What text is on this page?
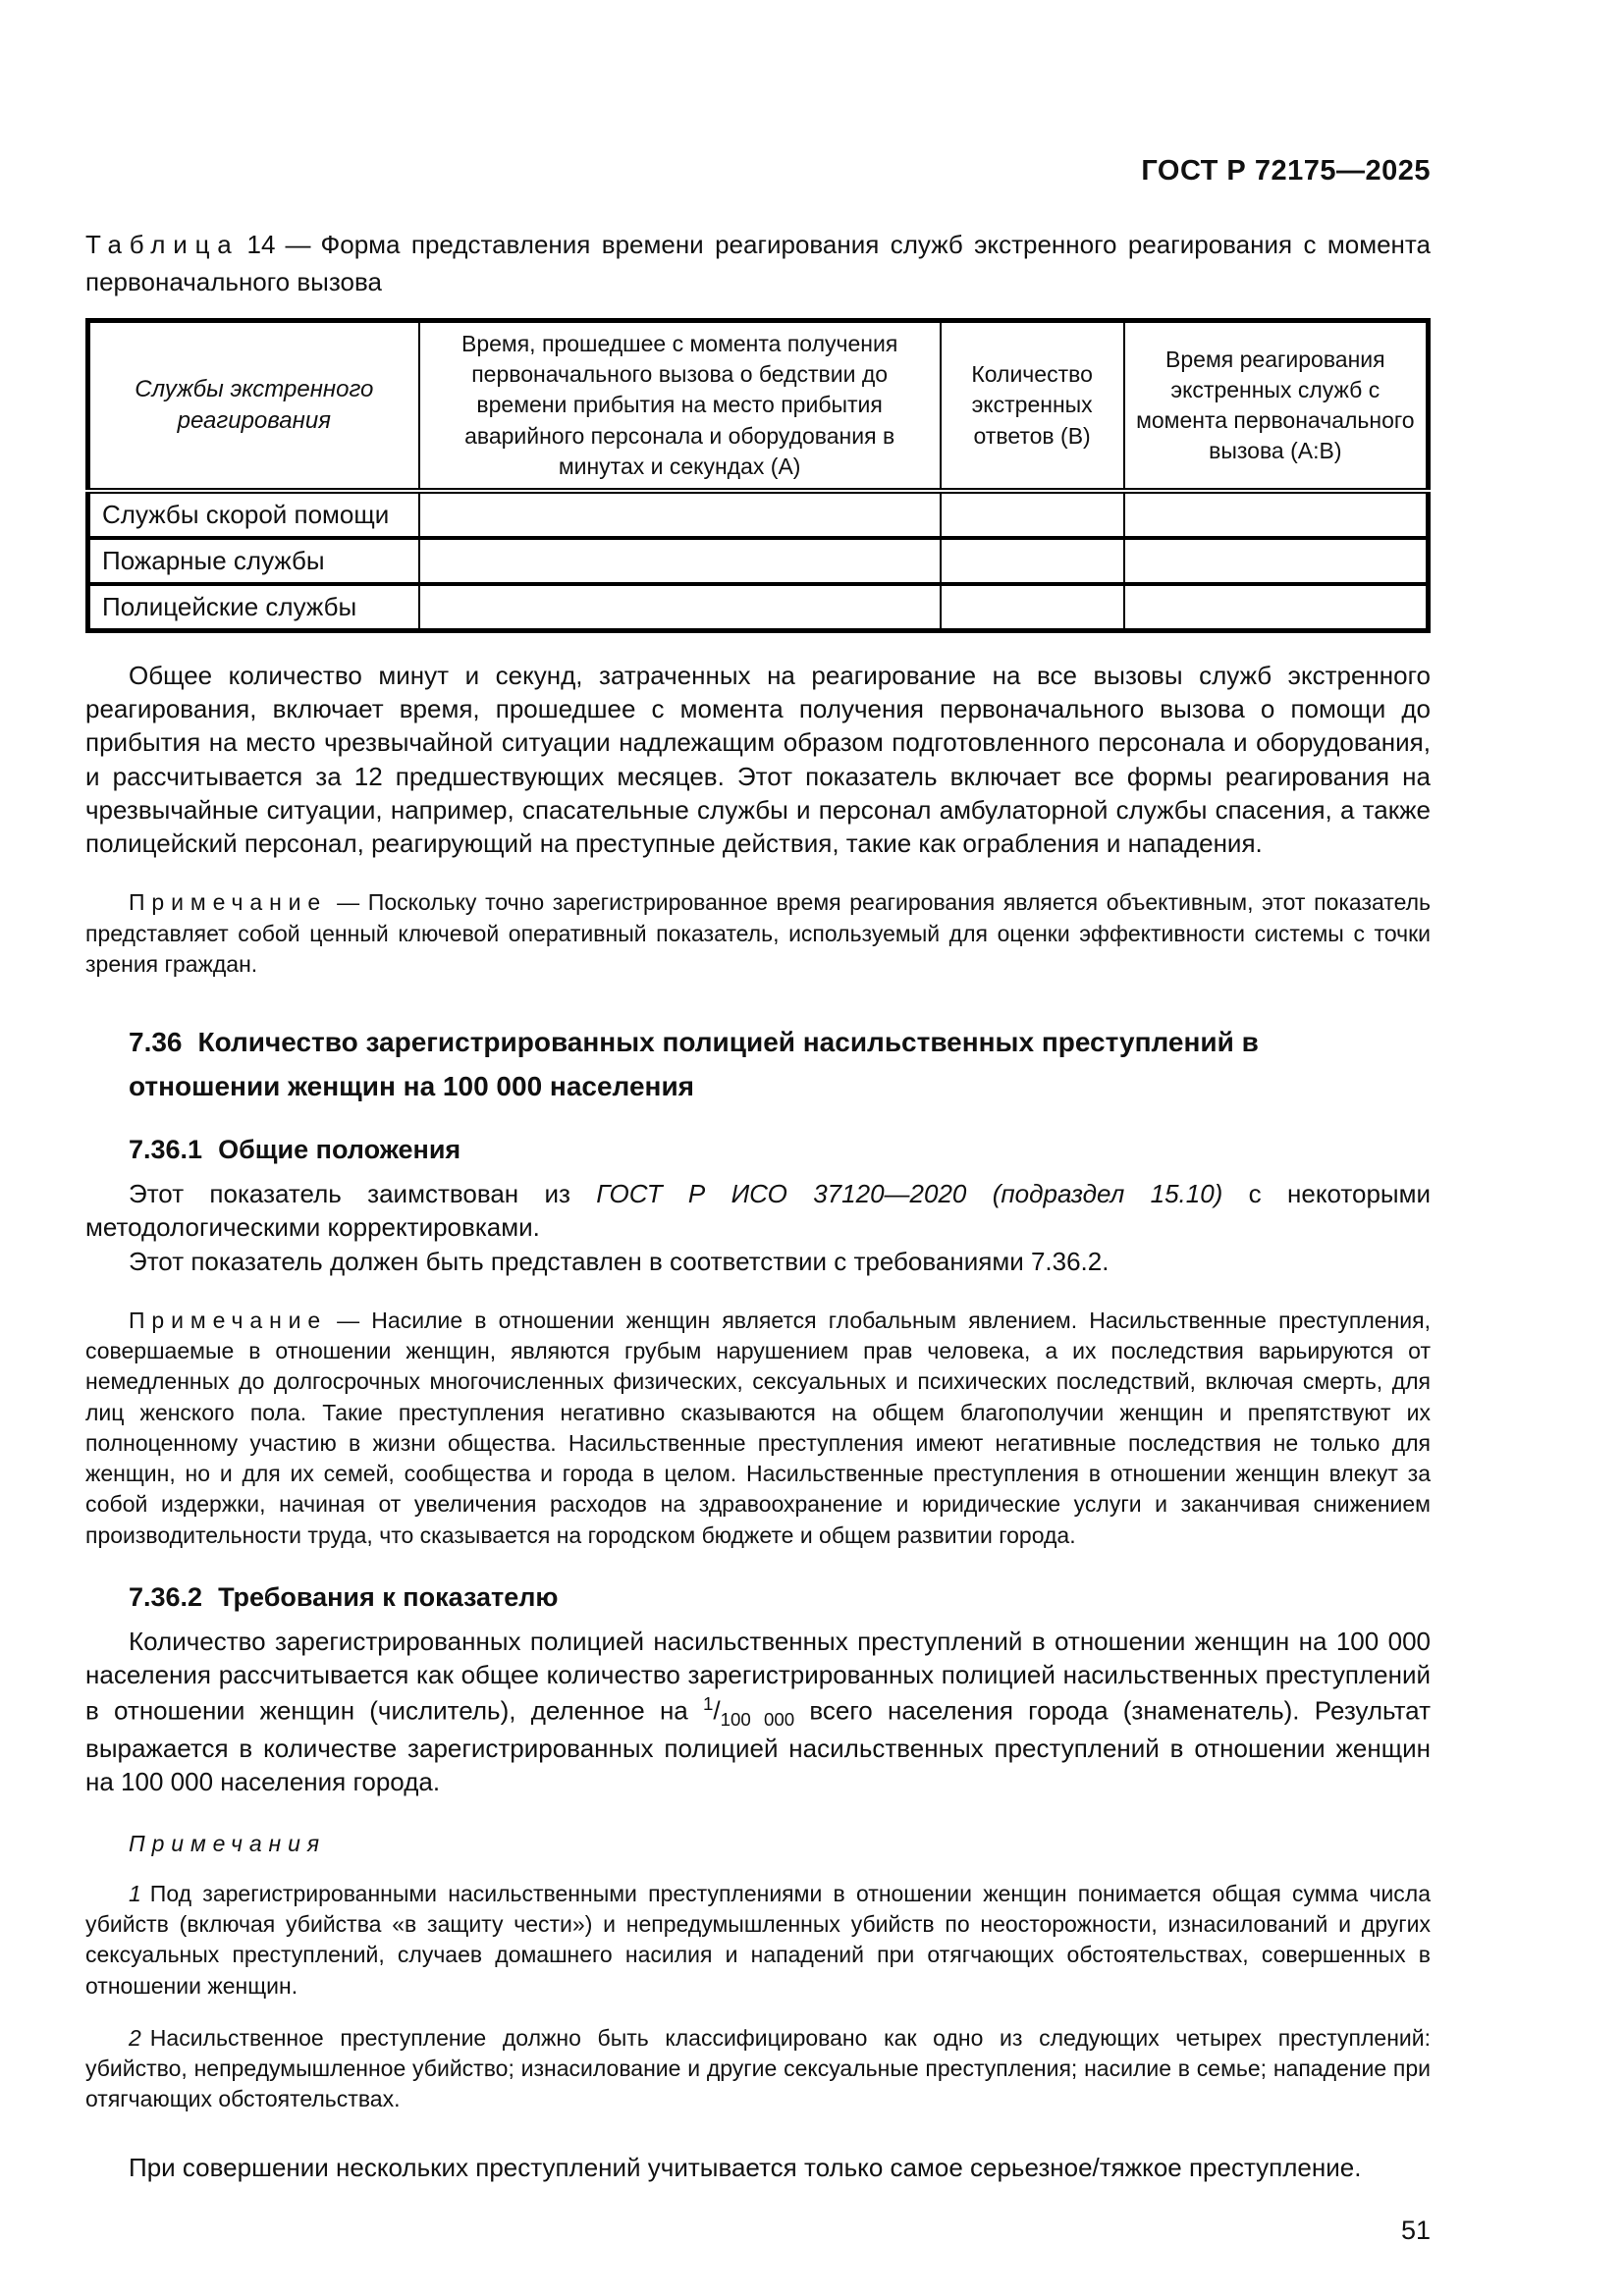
ГОСТ Р 72175—2025

Таблица 14 — Форма представления времени реагирования служб экстренного реагирования с момента первоначального вызова

Службы экстренного реагирования	Время, прошедшее с момента получения первоначального вызова о бедствии до времени прибытия на место прибытия аварийного персонала и оборудования в минутах и секундах (А)	Количество экстренных ответов (В)	Время реагирования экстренных служб с момента первоначального вызова (А:В)
Службы скорой помощи			
Пожарные службы			
Полицейские службы			

Общее количество минут и секунд, затраченных на реагирование на все вызовы служб экстренного реагирования, включает время, прошедшее с момента получения первоначального вызова о помощи до прибытия на место чрезвычайной ситуации надлежащим образом подготовленного персонала и оборудования, и рассчитывается за 12 предшествующих месяцев. Этот показатель включает все формы реагирования на чрезвычайные ситуации, например, спасательные службы и персонал амбулаторной службы спасения, а также полицейский персонал, реагирующий на преступные действия, такие как ограбления и нападения.

Примечание — Поскольку точно зарегистрированное время реагирования является объективным, этот показатель представляет собой ценный ключевой оперативный показатель, используемый для оценки эффективности системы с точки зрения граждан.

7.36 Количество зарегистрированных полицией насильственных преступлений в отношении женщин на 100 000 населения
7.36.1 Общие положения

Этот показатель заимствован из ГОСТ Р ИСО 37120—2020 (подраздел 15.10) с некоторыми методологическими корректировками.

Этот показатель должен быть представлен в соответствии с требованиями 7.36.2.

Примечание — Насилие в отношении женщин является глобальным явлением. Насильственные преступления, совершаемые в отношении женщин, являются грубым нарушением прав человека, а их последствия варьируются от немедленных до долгосрочных многочисленных физических, сексуальных и психических последствий, включая смерть, для лиц женского пола. Такие преступления негативно сказываются на общем благополучии женщин и препятствуют их полноценному участию в жизни общества. Насильственные преступления имеют негативные последствия не только для женщин, но и для их семей, сообщества и города в целом. Насильственные преступления в отношении женщин влекут за собой издержки, начиная от увеличения расходов на здравоохранение и юридические услуги и заканчивая снижением производительности труда, что сказывается на городском бюджете и общем развитии города.

7.36.2 Требования к показателю

Количество зарегистрированных полицией насильственных преступлений в отношении женщин на 100 000 населения рассчитывается как общее количество зарегистрированных полицией насильственных преступлений в отношении женщин (числитель), деленное на $^1/_{100 000}$ всего населения города (знаменатель). Результат выражается в количестве зарегистрированных полицией насильственных преступлений в отношении женщин на 100 000 населения города.

Примечания

1 Под зарегистрированными насильственными преступлениями в отношении женщин понимается общая сумма числа убийств (включая убийства «в защиту чести») и непредумышленных убийств по неосторожности, изнасилований и других сексуальных преступлений, случаев домашнего насилия и нападений при отягчающих обстоятельствах, совершенных в отношении женщин.

2 Насильственное преступление должно быть классифицировано как одно из следующих четырех преступлений: убийство, непредумышленное убийство; изнасилование и другие сексуальные преступления; насилие в семье; нападение при отягчающих обстоятельствах.

При совершении нескольких преступлений учитывается только самое серьезное/тяжкое преступление.

51
